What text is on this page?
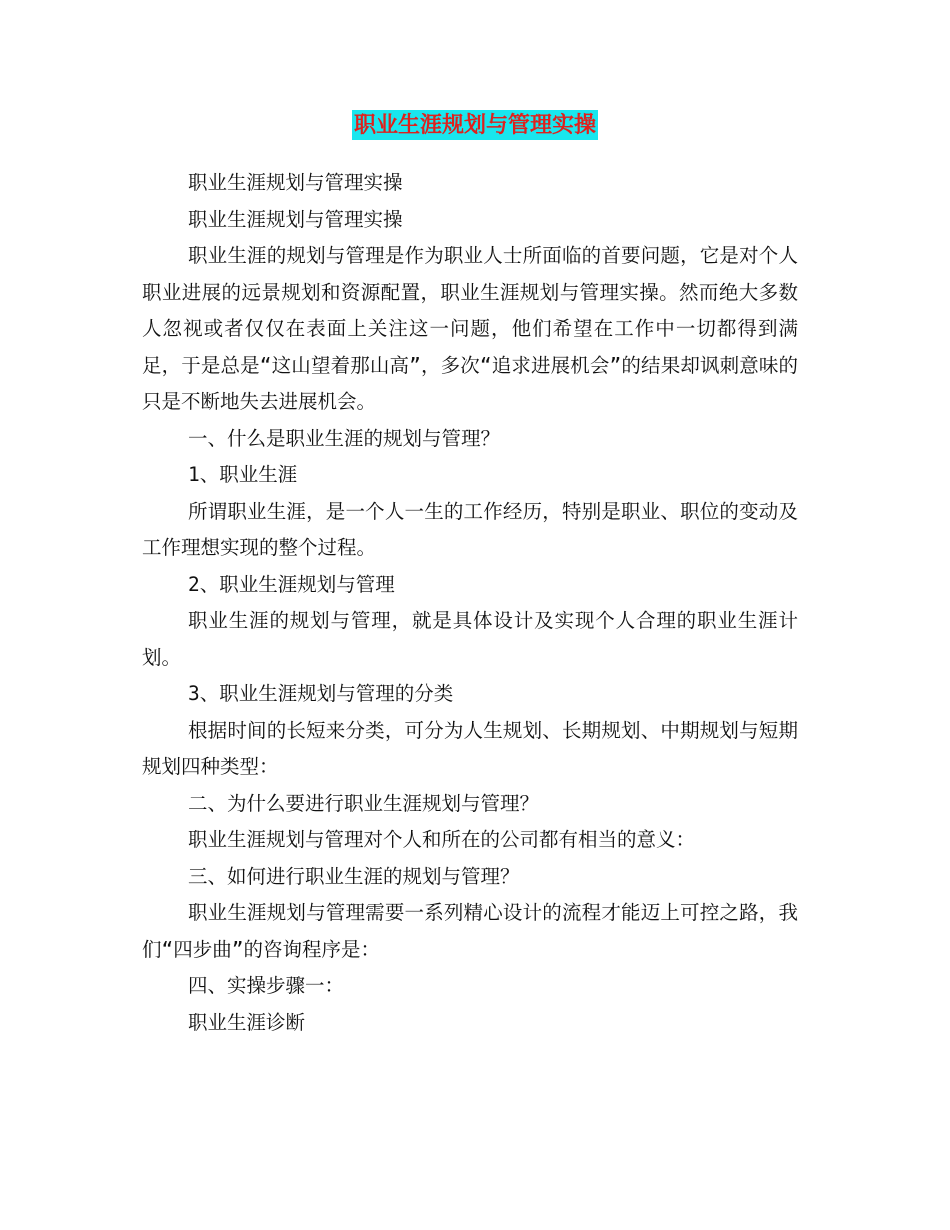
职业生涯规划与管理实操

职业生涯规划与管理实操

职业生涯规划与管理实操

职业生涯的规划与管理是作为职业人士所面临的首要问题，它是对个人职业进展的远景规划和资源配置，职业生涯规划与管理实操。然而绝大多数人忽视或者仅仅在表面上关注这一问题，他们希望在工作中一切都得到满足，于是总是“这山望着那山高”，多次“追求进展机会”的结果却讽刺意味的只是不断地失去进展机会。

一、什么是职业生涯的规划与管理？

1、职业生涯

所谓职业生涯，是一个人一生的工作经历，特别是职业、职位的变动及工作理想实现的整个过程。

2、职业生涯规划与管理

职业生涯的规划与管理，就是具体设计及实现个人合理的职业生涯计划。

3、职业生涯规划与管理的分类

根据时间的长短来分类，可分为人生规划、长期规划、中期规划与短期规划四种类型：

二、为什么要进行职业生涯规划与管理？

职业生涯规划与管理对个人和所在的公司都有相当的意义：

三、如何进行职业生涯的规划与管理？

职业生涯规划与管理需要一系列精心设计的流程才能迈上可控之路，我们“四步曲”的咨询程序是：

四、实操步骤一：

职业生涯诊断
